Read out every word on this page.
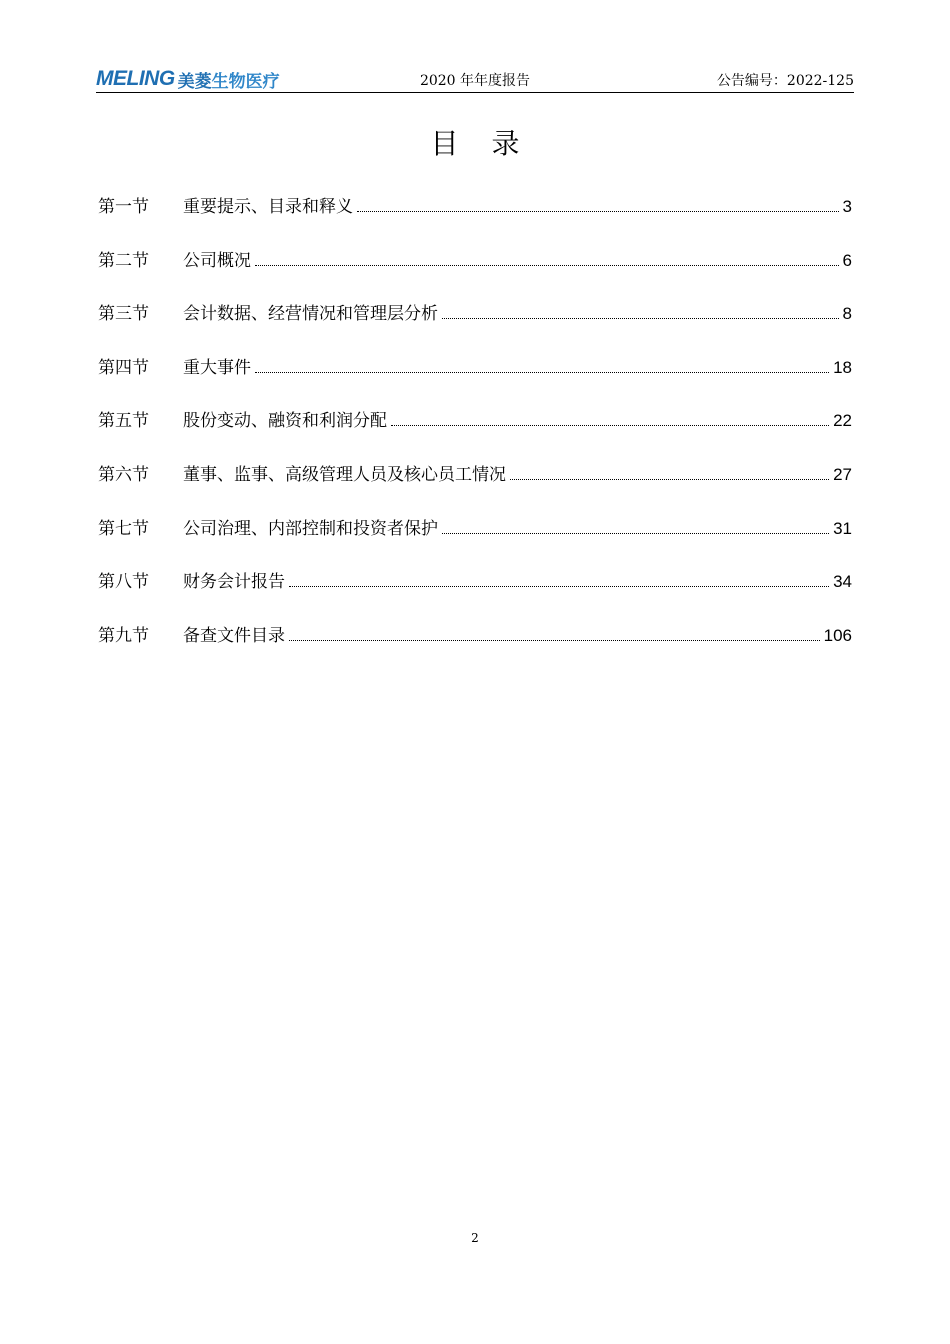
MELING 美菱生物医疗	2020 年年度报告	公告编号：2022-125
目 录
第一节	重要提示、目录和释义	3
第二节	公司概况	6
第三节	会计数据、经营情况和管理层分析	8
第四节	重大事件	18
第五节	股份变动、融资和利润分配	22
第六节	董事、监事、高级管理人员及核心员工情况	27
第七节	公司治理、内部控制和投资者保护	31
第八节	财务会计报告	34
第九节	备查文件目录	106
2
